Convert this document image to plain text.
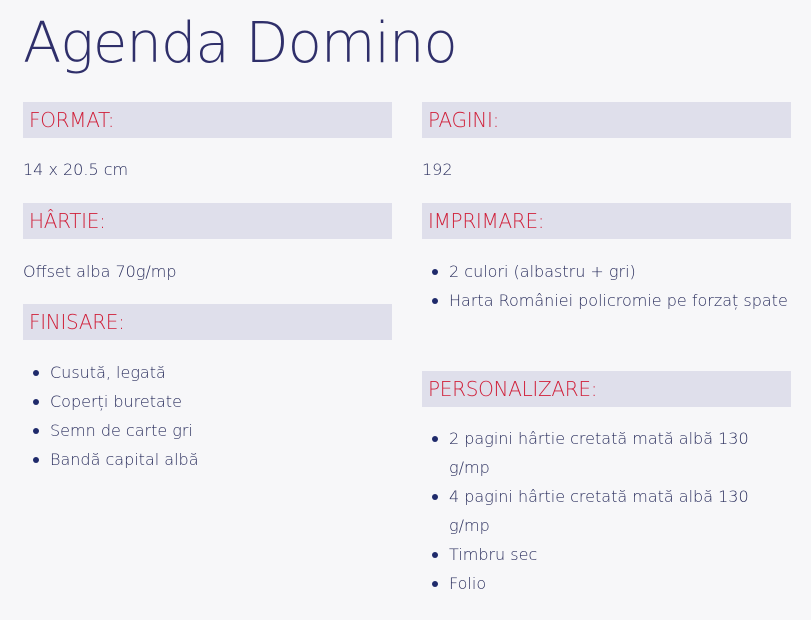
Agenda Domino
FORMAT:

14 x 20.5 cm

HÂRTIE:

Offset alba 70g/mp

FINISARE:
Cusută, legată
Coperți buretate
Semn de carte gri
Bandă capital albă
PAGINI:

192

IMPRIMARE:
2 culori (albastru + gri)
Harta României policromie pe forzaț spate
PERSONALIZARE:
2 pagini hârtie cretată mată albă 130 g/mp
4 pagini hârtie cretată mată albă 130 g/mp
Timbru sec
Folio
